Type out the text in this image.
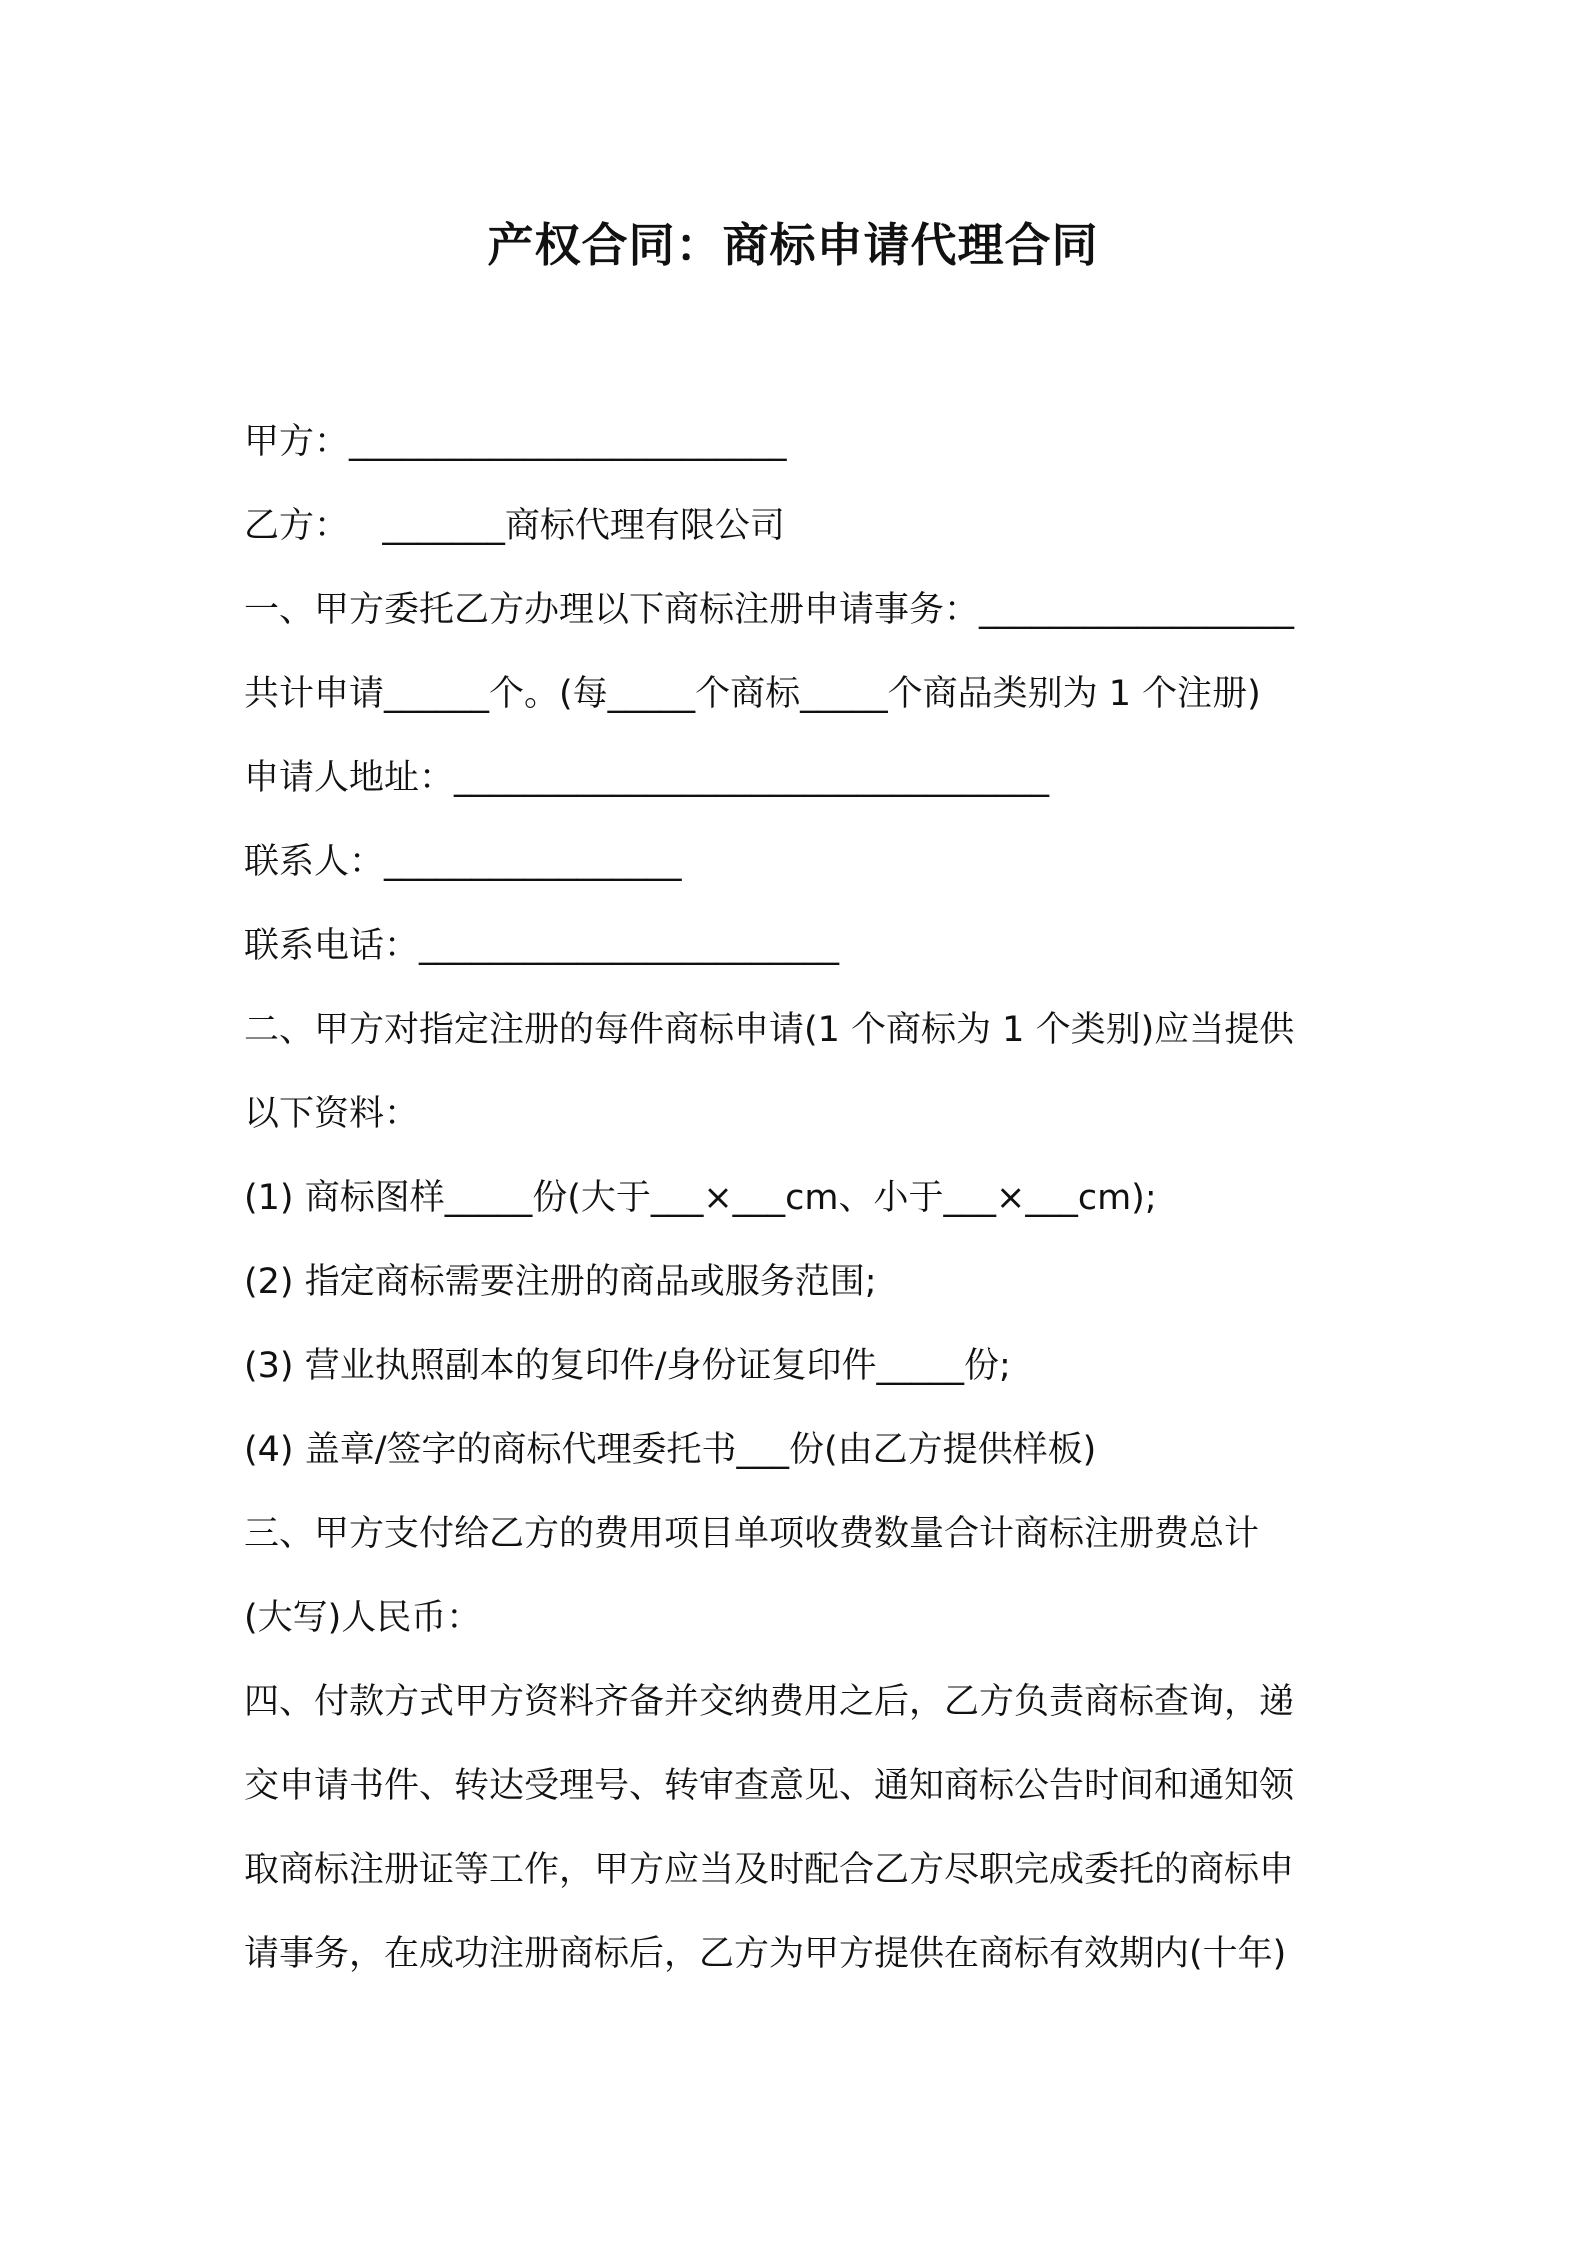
产权合同：商标申请代理合同
甲方：_________________________
乙方：   _______商标代理有限公司
一、甲方委托乙方办理以下商标注册申请事务：__________________
共计申请______个。(每_____个商标_____个商品类别为 1 个注册)
申请人地址：__________________________________
联系人：_________________
联系电话：________________________
二、甲方对指定注册的每件商标申请(1 个商标为 1 个类别)应当提供
以下资料：
(1) 商标图样_____份(大于___×___cm、小于___×___cm);
(2) 指定商标需要注册的商品或服务范围;
(3) 营业执照副本的复印件/身份证复印件_____份;
(4) 盖章/签字的商标代理委托书___份(由乙方提供样板)
三、甲方支付给乙方的费用项目单项收费数量合计商标注册费总计
(大写)人民币：
四、付款方式甲方资料齐备并交纳费用之后，乙方负责商标查询，递
交申请书件、转达受理号、转审查意见、通知商标公告时间和通知领
取商标注册证等工作，甲方应当及时配合乙方尽职完成委托的商标申
请事务，在成功注册商标后，乙方为甲方提供在商标有效期内(十年)
